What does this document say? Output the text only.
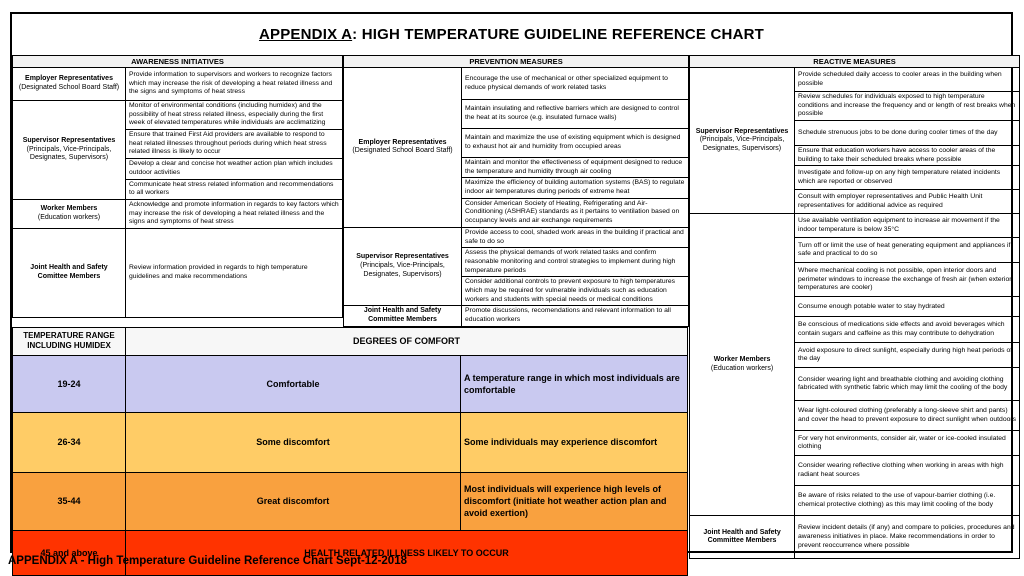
APPENDIX A : HIGH TEMPERATURE GUIDELINE REFERENCE CHART
AWARENESS INITIATIVES	
Employer Representatives
(Designated School Board Staff)	Provide information to supervisors and workers to recognize factors which may increase the risk of developing a heat related illness and the signs and symptoms of heat stress
Supervisor Representatives
(Principals, Vice-Principals, Designates, Supervisors)	Monitor of environmental conditions (including humidex) and the possibility of heat stress related illness, especially during the first week of elevated temperatures while individuals are acclimatizing
	Ensure that trained First Aid providers are available to respond to heat related illnesses throughout periods during which heat stress related illness is likely to occur
	Develop a clear and concise hot weather action plan which includes outdoor activities
	Communicate heat stress related information and recommendations to all workers
Worker Members
(Education workers)	Acknowledge and promote information in regards to key factors which may increase the risk of developing a heat related illness and the signs and symptoms of heat stress
Joint Health and Safety Comittee Members	Review information provided in regards to high temperature guidelines and make recommendations
PREVENTION MEASURES	
Employer Representatives
(Designated School Board Staff)	Encourage the use of mechanical or other specialized equipment to reduce physical demands of work related tasks
	Maintain insulating and reflective barriers which are designed to control the heat at its source (e.g. insulated furnace walls)
	Maintain and maximize the use of existing equipment which is designed to exhaust hot air and humidity from occupied areas
	Maintain and monitor the effectiveness of equipment designed to reduce the temperature and humidity through air cooling
	Maximize the efficiency of building automation systems (BAS) to regulate indoor air temperatures during periods of extreme heat
	Consider American Society of Heating, Refrigerating and Air-Conditioning (ASHRAE) standards as it pertains to ventilation based on occupancy levels and air exchange requirements
Supervisor Representatives
(Principals, Vice-Principals, Designates, Supervisors)	Provide access to cool, shaded work areas in the building if practical and safe to do so
	Assess the physical demands of work related tasks and confirm reasonable monitoring and control strategies to implement during high temperature periods
	Consider additional controls to prevent exposure to high temperatures which may be required for vulnerable individuals such as education workers and students with special needs or medical conditions
Joint Health and Safety Committee Members	Promote discussions, recomendations and relevant information to all education workers
TEMPERATURE RANGE INCLUDING HUMIDEX	DEGREES OF COMFORT	
19-24	Comfortable	A temperature range in which most individuals are comfortable
26-34	Some discomfort	Some individuals may experience discomfort
35-44	Great discomfort	Most individuals will experience high levels of discomfort (initiate hot weather action plan and avoid exertion)
45 and above	HEALTH RELATED ILLNESS LIKELY TO OCCUR	
REACTIVE MEASURES	
Supervisor Representatives
(Principals, Vice-Principals, Designates, Supervisors)	Provide scheduled daily access to cooler areas in the building when possible
	Review schedules for individuals exposed to high temperature conditions and increase the frequency and or length of rest breaks when possible
	Schedule strenuous jobs to be done during cooler times of the day
	Ensure that education workers have access to cooler areas of the building to take their scheduled breaks where possible
	Investigate and follow-up on any high temperature related incidents which are reported or observed
	Consult with employer representatives and Public Health Unit representatives for additional advice as required
Worker Members
(Education workers)	Use available ventilation equipment to increase air movement if the indoor temperature is below 35°C
	Turn off or limit the use of heat generating equipment and appliances if safe and practical to do so
	Where mechanical cooling is not possible, open interior doors and perimeter windows to increase the exchange of fresh air (when exterior temperatures are cooler)
	Consume enough potable water to stay hydrated
	Be conscious of medications side effects and avoid beverages which contain sugars and caffeine as this may contribute to dehydration
	Avoid exposure to direct sunlight, especially during high heat periods of the day
	Consider wearing light and breathable clothing and avoiding clothing fabricated with synthetic fabric which may limit the cooling of the body
	Wear light-coloured clothing (preferably a long-sleeve shirt and pants) and cover the head to prevent exposure to direct sunlight when outdoors
	For very hot environments, consider air, water or ice-cooled insulated clothing
	Consider wearing reflective clothing when working in areas with high radiant heat sources
	Be aware of risks related to the use of vapour-barrier clothing (i.e. chemical protective clothing) as this may limit cooling of the body
Joint Health and Safety Committee Members	Review incident details (if any) and compare to policies, procedures and awareness initiatives in place. Make recommendations in order to prevent reoccurrence where possible
APPENDIX A - High Temperature Guideline Reference Chart Sept-12-2018
